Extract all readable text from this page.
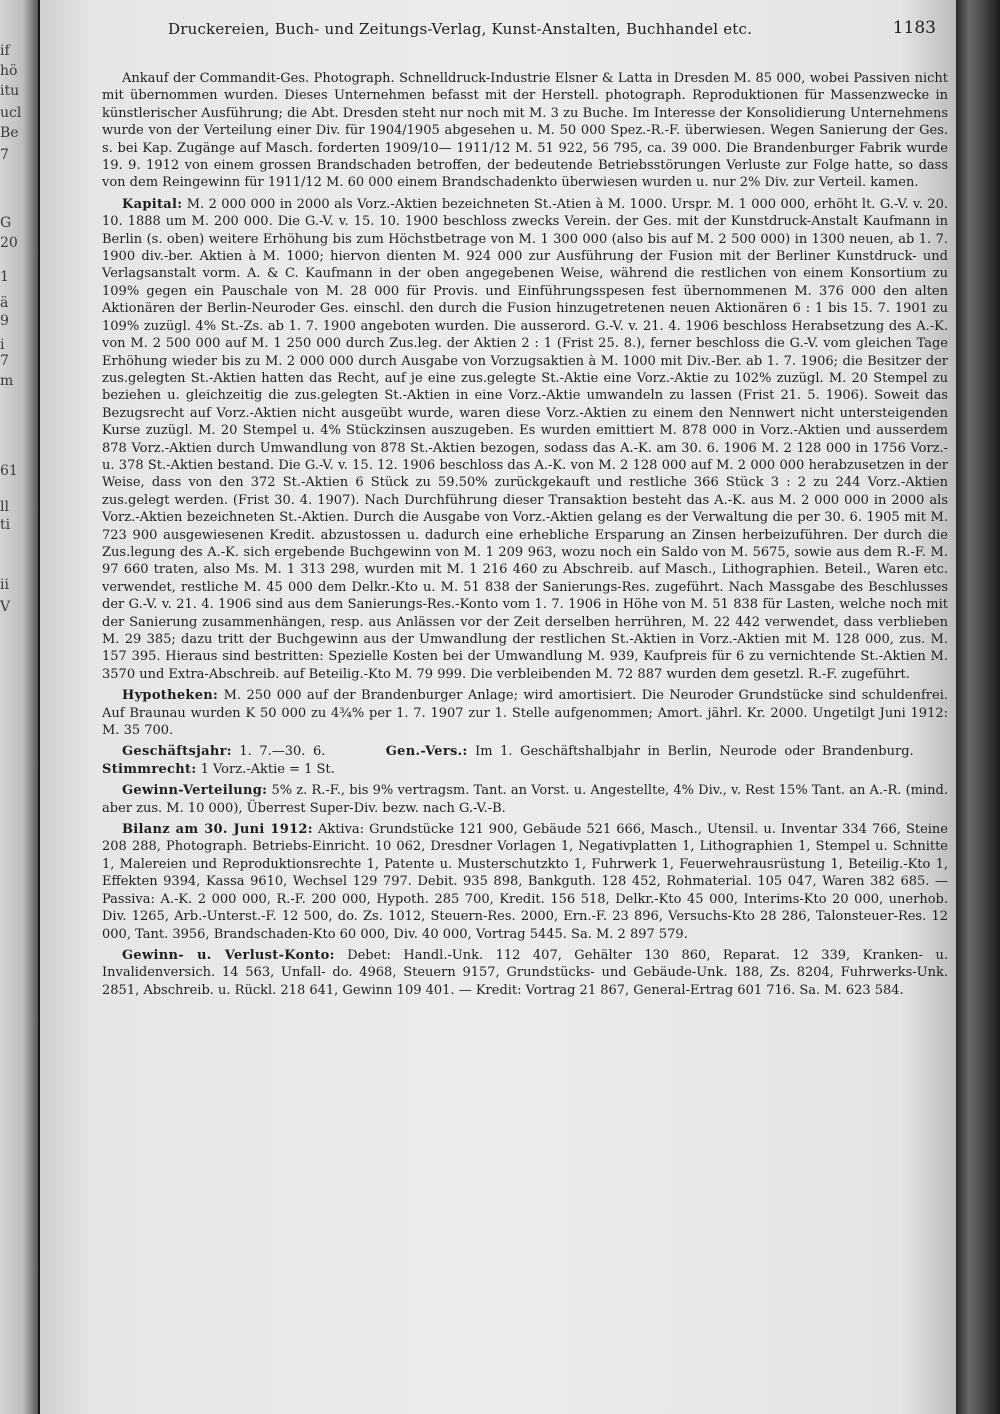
if
hö
itu
ucl
Be
7
G
20
1
ä
9
i
7
m
61
ll
ti
ii
V
Druckereien, Buch- und Zeitungs-Verlag, Kunst-Anstalten, Buchhandel etc.	1183

Ankauf der Commandit-Ges. Photograph. Schnelldruck-Industrie Elsner & Latta in Dresden M. 85 000, wobei Passiven nicht mit übernommen wurden. Dieses Unternehmen befasst mit der Herstell. photograph. Reproduktionen für Massenzwecke in künstlerischer Ausführung; die Abt. Dresden steht nur noch mit M. 3 zu Buche. Im Interesse der Konsolidierung Unternehmens wurde von der Verteilung einer Div. für 1904/1905 abgesehen u. M. 50 000 Spez.-R.-F. überwiesen. Wegen Sanierung der Ges. s. bei Kap. Zugänge auf Masch. forderten 1909/10— 1911/12 M. 51 922, 56 795, ca. 39 000. Die Brandenburger Fabrik wurde 19. 9. 1912 von einem grossen Brandschaden betroffen, der bedeutende Betriebsstörungen Verluste zur Folge hatte, so dass von dem Reingewinn für 1911/12 M. 60 000 einem Brandschadenkto überwiesen wurden u. nur 2% Div. zur Verteil. kamen.

Kapital: M. 2 000 000 in 2000 als Vorz.-Aktien bezeichneten St.-Atien à M. 1000. Urspr. M. 1 000 000, erhöht lt. G.-V. v. 20. 10. 1888 um M. 200 000. Die G.-V. v. 15. 10. 1900 beschloss zwecks Verein. der Ges. mit der Kunstdruck-Anstalt Kaufmann in Berlin (s. oben) weitere Erhöhung bis zum Höchstbetrage von M. 1 300 000 (also bis auf M. 2 500 000) in 1300 neuen, ab 1. 7. 1900 div.-ber. Aktien à M. 1000; hiervon dienten M. 924 000 zur Ausführung der Fusion mit der Berliner Kunstdruck- und Verlagsanstalt vorm. A. & C. Kaufmann in der oben angegebenen Weise, während die restlichen von einem Konsortium zu 109% gegen ein Pauschale von M. 28 000 für Provis. und Einführungsspesen fest übernommenen M. 376 000 den alten Aktionären der Berlin-Neuroder Ges. einschl. den durch die Fusion hinzugetretenen neuen Aktionären 6 : 1 bis 15. 7. 1901 zu 109% zuzügl. 4% St.-Zs. ab 1. 7. 1900 angeboten wurden. Die ausserord. G.-V. v. 21. 4. 1906 beschloss Herabsetzung des A.-K. von M. 2 500 000 auf M. 1 250 000 durch Zus.leg. der Aktien 2 : 1 (Frist 25. 8.), ferner beschloss die G.-V. vom gleichen Tage Erhöhung wieder bis zu M. 2 000 000 durch Ausgabe von Vorzugsaktien à M. 1000 mit Div.-Ber. ab 1. 7. 1906; die Besitzer der zus.gelegten St.-Aktien hatten das Recht, auf je eine zus.gelegte St.-Aktie eine Vorz.-Aktie zu 102% zuzügl. M. 20 Stempel zu beziehen u. gleichzeitig die zus.gelegten St.-Aktien in eine Vorz.-Aktie umwandeln zu lassen (Frist 21. 5. 1906). Soweit das Bezugsrecht auf Vorz.-Aktien nicht ausgeübt wurde, waren diese Vorz.-Aktien zu einem den Nennwert nicht untersteigenden Kurse zuzügl. M. 20 Stempel u. 4% Stückzinsen auszugeben. Es wurden emittiert M. 878 000 in Vorz.-Aktien und ausserdem 878 Vorz.-Aktien durch Umwandlung von 878 St.-Aktien bezogen, sodass das A.-K. am 30. 6. 1906 M. 2 128 000 in 1756 Vorz.- u. 378 St.-Aktien bestand. Die G.-V. v. 15. 12. 1906 beschloss das A.-K. von M. 2 128 000 auf M. 2 000 000 herabzusetzen in der Weise, dass von den 372 St.-Aktien 6 Stück zu 59.50% zurückgekauft und restliche 366 Stück 3 : 2 zu 244 Vorz.-Aktien zus.gelegt werden. (Frist 30. 4. 1907). Nach Durchführung dieser Transaktion besteht das A.-K. aus M. 2 000 000 in 2000 als Vorz.-Aktien bezeichneten St.-Aktien. Durch die Ausgabe von Vorz.-Aktien gelang es der Verwaltung die per 30. 6. 1905 mit M. 723 900 ausgewiesenen Kredit. abzustossen u. dadurch eine erhebliche Ersparung an Zinsen herbeizuführen. Der durch die Zus.legung des A.-K. sich ergebende Buchgewinn von M. 1 209 963, wozu noch ein Saldo von M. 5675, sowie aus dem R.-F. M. 97 660 traten, also Ms. M. 1 313 298, wurden mit M. 1 216 460 zu Abschreib. auf Masch., Lithographien. Beteil., Waren etc. verwendet, restliche M. 45 000 dem Delkr.-Kto u. M. 51 838 der Sanierungs-Res. zugeführt. Nach Massgabe des Beschlusses der G.-V. v. 21. 4. 1906 sind aus dem Sanierungs-Res.-Konto vom 1. 7. 1906 in Höhe von M. 51 838 für Lasten, welche noch mit der Sanierung zusammenhängen, resp. aus Anlässen vor der Zeit derselben herrühren, M. 22 442 verwendet, dass verblieben M. 29 385; dazu tritt der Buchgewinn aus der Umwandlung der restlichen St.-Aktien in Vorz.-Aktien mit M. 128 000, zus. M. 157 395. Hieraus sind bestritten: Spezielle Kosten bei der Umwandlung M. 939, Kaufpreis für 6 zu vernichtende St.-Aktien M. 3570 und Extra-Abschreib. auf Beteilig.-Kto M. 79 999. Die verbleibenden M. 72 887 wurden dem gesetzl. R.-F. zugeführt.

Hypotheken: M. 250 000 auf der Brandenburger Anlage; wird amortisiert. Die Neuroder Grundstücke sind schuldenfrei. Auf Braunau wurden K 50 000 zu 4¾% per 1. 7. 1907 zur 1. Stelle aufgenommen; Amort. jährl. Kr. 2000. Ungetilgt Juni 1912: M. 35 700.

Geschäftsjahr: 1. 7.—30. 6.	Gen.-Vers.: Im 1. Geschäftshalbjahr in Berlin, Neurode oder Brandenburg.      Stimmrecht: 1 Vorz.-Aktie = 1 St.

Gewinn-Verteilung: 5% z. R.-F., bis 9% vertragsm. Tant. an Vorst. u. Angestellte, 4% Div., v. Rest 15% Tant. an A.-R. (mind. aber zus. M. 10 000), Überrest Super-Div. bezw. nach G.-V.-B.

Bilanz am 30. Juni 1912: Aktiva: Grundstücke 121 900, Gebäude 521 666, Masch., Utensil. u. Inventar 334 766, Steine 208 288, Photograph. Betriebs-Einricht. 10 062, Dresdner Vorlagen 1, Negativplatten 1, Lithographien 1, Stempel u. Schnitte 1, Malereien und Reproduktionsrechte 1, Patente u. Musterschutzkto 1, Fuhrwerk 1, Feuerwehrausrüstung 1, Beteilig.-Kto 1, Effekten 9394, Kassa 9610, Wechsel 129 797. Debit. 935 898, Bankguth. 128 452, Rohmaterial. 105 047, Waren 382 685. — Passiva: A.-K. 2 000 000, R.-F. 200 000, Hypoth. 285 700, Kredit. 156 518, Delkr.-Kto 45 000, Interims-Kto 20 000, unerhob. Div. 1265, Arb.-Unterst.-F. 12 500, do. Zs. 1012, Steuern-Res. 2000, Ern.-F. 23 896, Versuchs-Kto 28 286, Talonsteuer-Res. 12 000, Tant. 3956, Brandschaden-Kto 60 000, Div. 40 000, Vortrag 5445. Sa. M. 2 897 579.

Gewinn- u. Verlust-Konto: Debet: Handl.-Unk. 112 407, Gehälter 130 860, Reparat. 12 339, Kranken- u. Invalidenversich. 14 563, Unfall- do. 4968, Steuern 9157, Grundstücks- und Gebäude-Unk. 188, Zs. 8204, Fuhrwerks-Unk. 2851, Abschreib. u. Rückl. 218 641, Gewinn 109 401. — Kredit: Vortrag 21 867, General-Ertrag 601 716. Sa. M. 623 584.
